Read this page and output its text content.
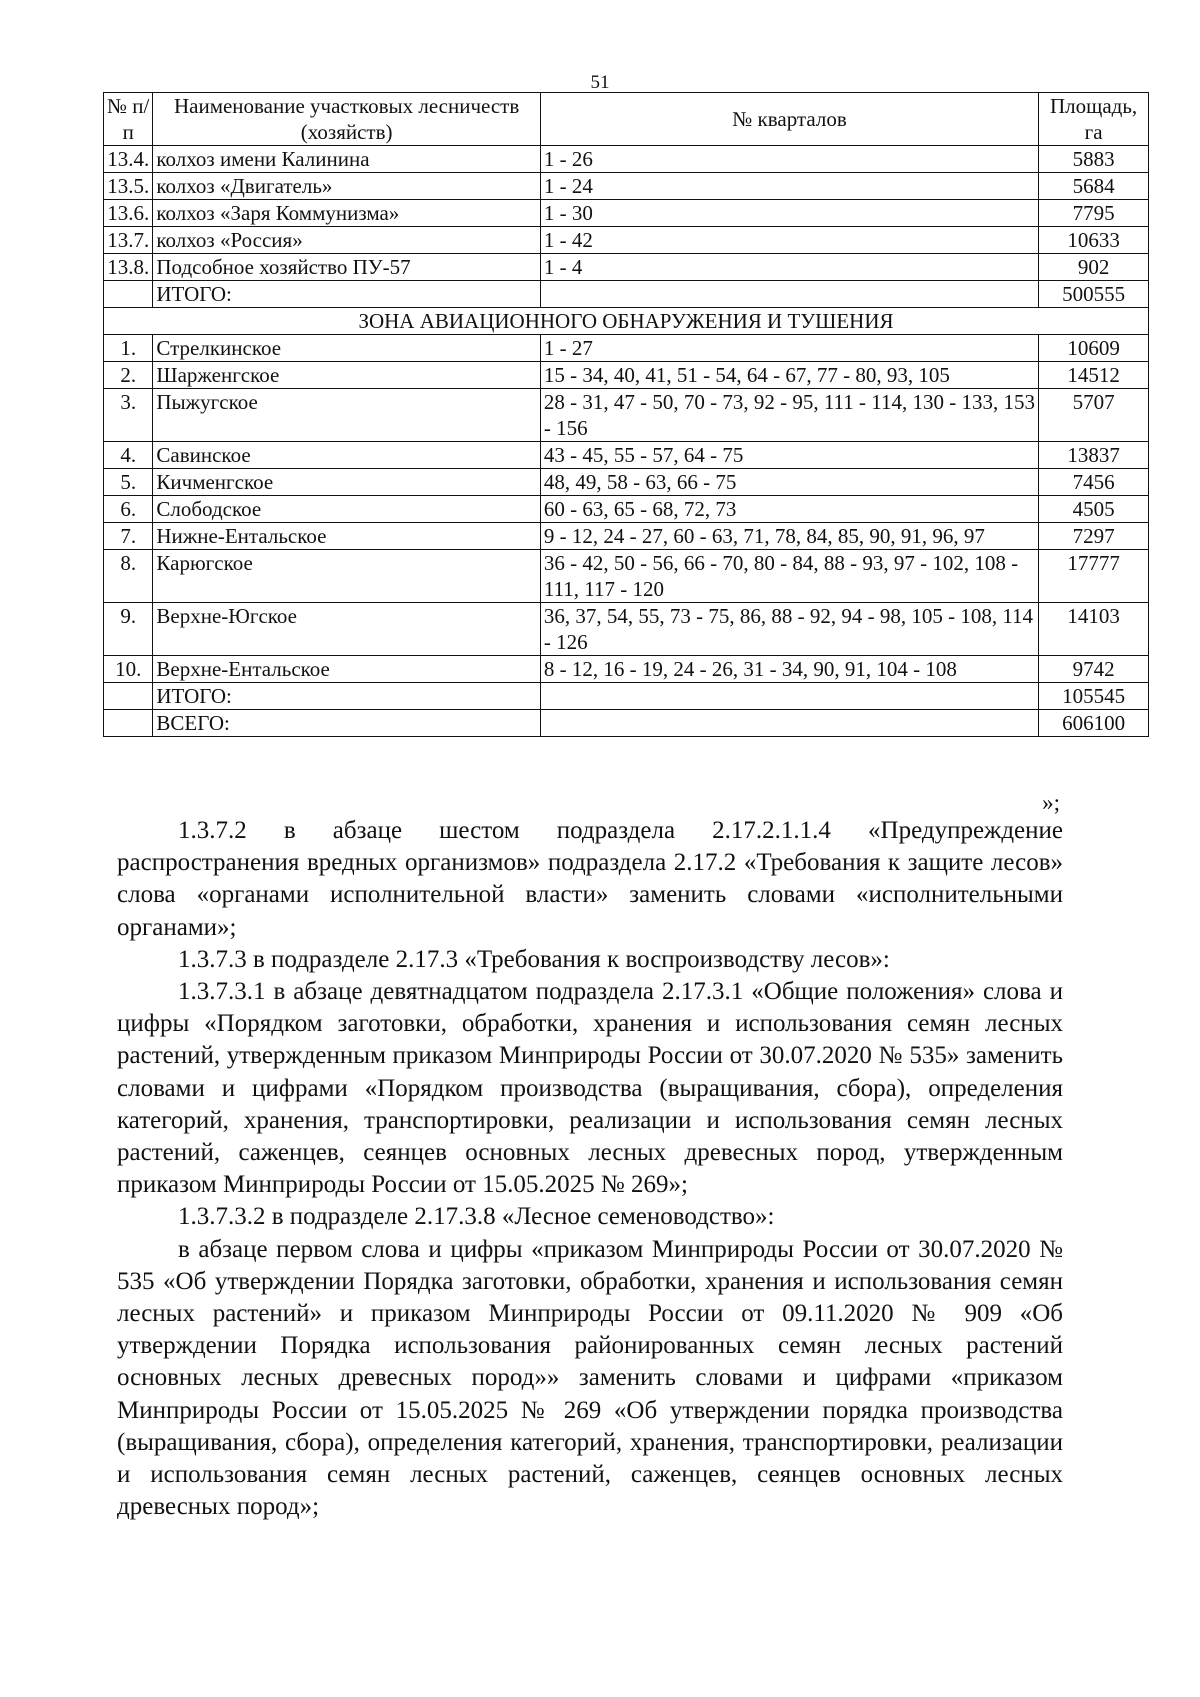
51
№ п/п	Наименование участковых лесничеств (хозяйств)	№ кварталов	Площадь, га
13.4.	колхоз имени Калинина	1 - 26	5883
13.5.	колхоз «Двигатель»	1 - 24	5684
13.6.	колхоз «Заря Коммунизма»	1 - 30	7795
13.7.	колхоз «Россия»	1 - 42	10633
13.8.	Подсобное хозяйство ПУ-57	1 - 4	902
	ИТОГО:		500555
ЗОНА АВИАЦИОННОГО ОБНАРУЖЕНИЯ И ТУШЕНИЯ			
1.	Стрелкинское	1 - 27	10609
2.	Шарженгское	15 - 34, 40, 41, 51 - 54, 64 - 67, 77 - 80, 93, 105	14512
3.	Пыжугское	28 - 31, 47 - 50, 70 - 73, 92 - 95, 111 - 114, 130 - 133, 153 - 156	5707
4.	Савинское	43 - 45, 55 - 57, 64 - 75	13837
5.	Кичменгское	48, 49, 58 - 63, 66 - 75	7456
6.	Слободское	60 - 63, 65 - 68, 72, 73	4505
7.	Нижне-Ентальское	9 - 12, 24 - 27, 60 - 63, 71, 78, 84, 85, 90, 91, 96, 97	7297
8.	Карюгское	36 - 42, 50 - 56, 66 - 70, 80 - 84, 88 - 93, 97 - 102, 108 - 111, 117 - 120	17777
9.	Верхне-Югское	36, 37, 54, 55, 73 - 75, 86, 88 - 92, 94 - 98, 105 - 108, 114 - 126	14103
10.	Верхне-Ентальское	8 - 12, 16 - 19, 24 - 26, 31 - 34, 90, 91, 104 - 108	9742
	ИТОГО:		105545
	ВСЕГО:		606100
»;

1.3.7.2 в абзаце шестом подраздела 2.17.2.1.1.4 «Предупреждение распространения вредных организмов» подраздела 2.17.2 «Требования к защите лесов» слова «органами исполнительной власти» заменить словами «исполнительными органами»;

1.3.7.3 в подразделе 2.17.3 «Требования к воспроизводству лесов»:

1.3.7.3.1 в абзаце девятнадцатом подраздела 2.17.3.1 «Общие положения» слова и цифры «Порядком заготовки, обработки, хранения и использования семян лесных растений, утвержденным приказом Минприроды России от 30.07.2020 № 535» заменить словами и цифрами «Порядком производства (выращивания, сбора), определения категорий, хранения, транспортировки, реализации и использования семян лесных растений, саженцев, сеянцев основных лесных древесных пород, утвержденным приказом Минприроды России от 15.05.2025 № 269»;

1.3.7.3.2 в подразделе 2.17.3.8 «Лесное семеноводство»:

в абзаце первом слова и цифры «приказом Минприроды России от 30.07.2020 № 535 «Об утверждении Порядка заготовки, обработки, хранения и использования семян лесных растений» и приказом Минприроды России от 09.11.2020 № 909 «Об утверждении Порядка использования районированных семян лесных растений основных лесных древесных пород»» заменить словами и цифрами «приказом Минприроды России от 15.05.2025 № 269 «Об утверждении порядка производства (выращивания, сбора), определения категорий, хранения, транспортировки, реализации и использования семян лесных растений, саженцев, сеянцев основных лесных древесных пород»;
